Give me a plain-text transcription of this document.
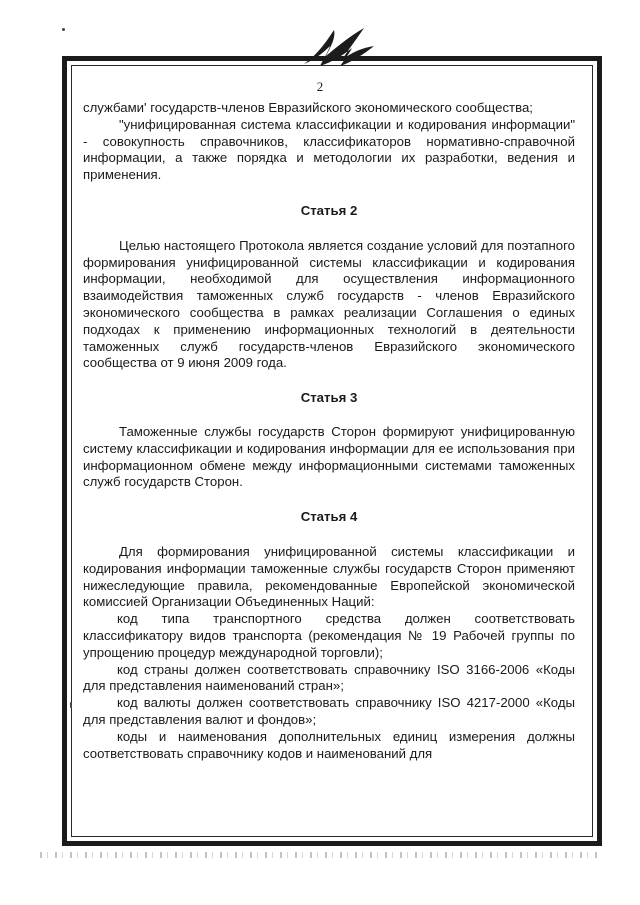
2

службами' государств-членов Евразийского экономического сообщества;

"унифицированная система классификации и кодирования информации" - совокупность справочников, классификаторов нормативно-справочной информации, а также порядка и методологии их разработки, ведения и применения.

Статья 2

Целью настоящего Протокола является создание условий для поэтапного формирования унифицированной системы классификации и кодирования информации, необходимой для осуществления информационного взаимодействия таможенных служб государств - членов Евразийского экономического сообщества в рамках реализации Соглашения о единых подходах к применению информационных технологий в деятельности таможенных служб государств-членов Евразийского экономического сообщества от 9 июня 2009 года.

Статья 3

Таможенные службы государств Сторон формируют унифицированную систему классификации и кодирования информации для ее использования при информационном обмене между информационными системами таможенных служб государств Сторон.

Статья 4

Для формирования унифицированной системы классификации и кодирования информации таможенные службы государств Сторон применяют нижеследующие правила, рекомендованные Европейской экономической комиссией Организации Объединенных Наций:

код типа транспортного средства должен соответствовать классификатору видов транспорта (рекомендация № 19 Рабочей группы по упрощению процедур международной торговли);

код страны должен соответствовать справочнику ISO 3166-2006 «Коды для представления наименований стран»;

код валюты должен соответствовать справочнику ISO 4217-2000 «Коды для представления валют и фондов»;

коды и наименования дополнительных единиц измерения должны соответствовать справочнику кодов и наименований для
